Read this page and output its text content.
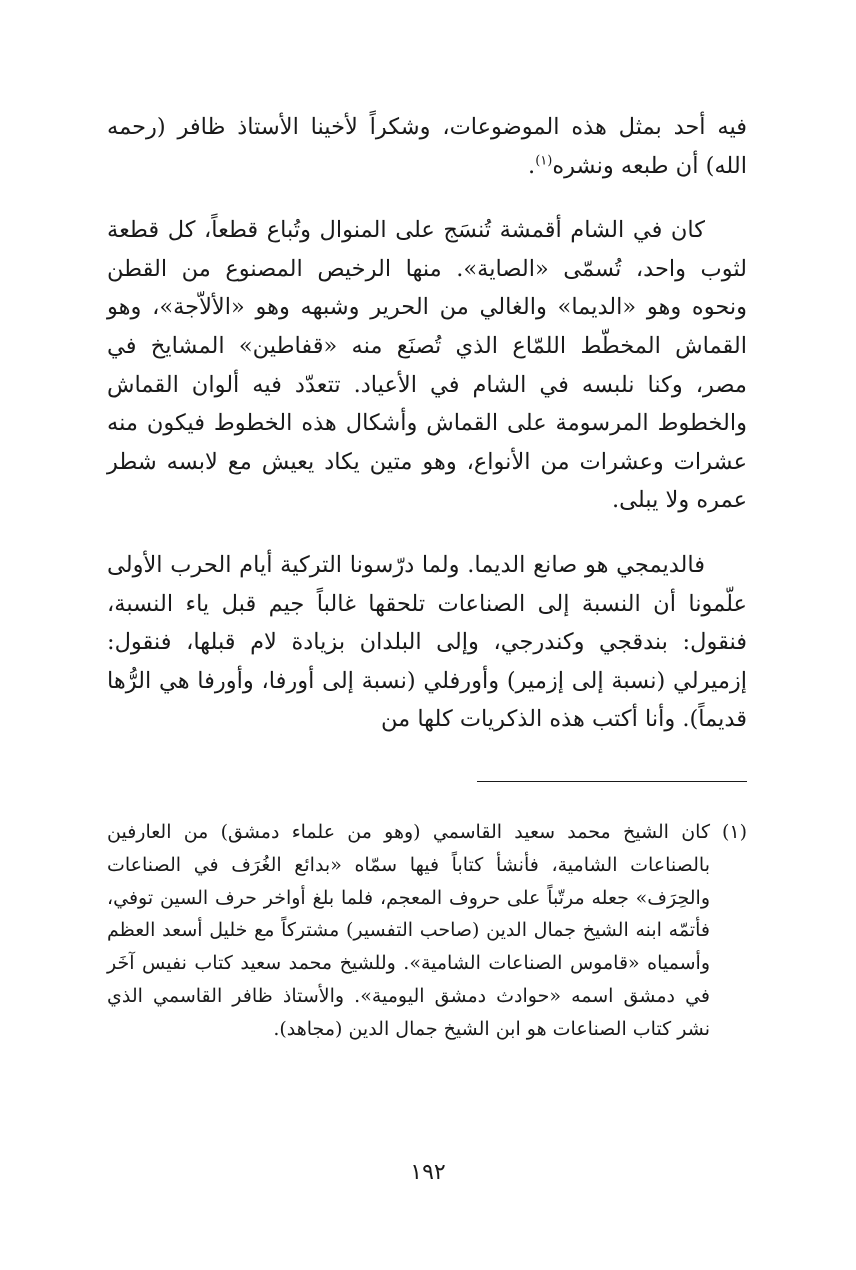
فيه أحد بمثل هذه الموضوعات، وشكراً لأخينا الأستاذ ظافر (رحمه الله) أن طبعه ونشره$^{(١)}$.

كان في الشام أقمشة تُنسَج على المنوال وتُباع قطعاً، كل قطعة لثوب واحد، تُسمّى «الصاية». منها الرخيص المصنوع من القطن ونحوه وهو «الديما» والغالي من الحرير وشبهه وهو «الألاّجة»، وهو القماش المخطّط اللمّاع الذي تُصنَع منه «قفاطين» المشايخ في مصر، وكنا نلبسه في الشام في الأعياد. تتعدّد فيه ألوان القماش والخطوط المرسومة على القماش وأشكال هذه الخطوط فيكون منه عشرات وعشرات من الأنواع، وهو متين يكاد يعيش مع لابسه شطر عمره ولا يبلى.

فالديمجي هو صانع الديما. ولما درّسونا التركية أيام الحرب الأولى علّمونا أن النسبة إلى الصناعات تلحقها غالباً جيم قبل ياء النسبة، فنقول: بندقجي وكندرجي، وإلى البلدان بزيادة لام قبلها، فنقول: إزميرلي (نسبة إلى إزمير) وأورفلي (نسبة إلى أورفا، وأورفا هي الرُّها قديماً). وأنا أكتب هذه الذكريات كلها من

(١)

كان الشيخ محمد سعيد القاسمي (وهو من علماء دمشق) من العارفين بالصناعات الشامية، فأنشأ كتاباً فيها سمّاه «بدائع الغُرَف في الصناعات والحِرَف» جعله مرتّباً على حروف المعجم، فلما بلغ أواخر حرف السين توفي، فأتمّه ابنه الشيخ جمال الدين (صاحب التفسير) مشتركاً مع خليل أسعد العظم وأسمياه «قاموس الصناعات الشامية». وللشيخ محمد سعيد كتاب نفيس آخَر في دمشق اسمه «حوادث دمشق اليومية». والأستاذ ظافر القاسمي الذي نشر كتاب الصناعات هو ابن الشيخ جمال الدين (مجاهد).

١٩٢
